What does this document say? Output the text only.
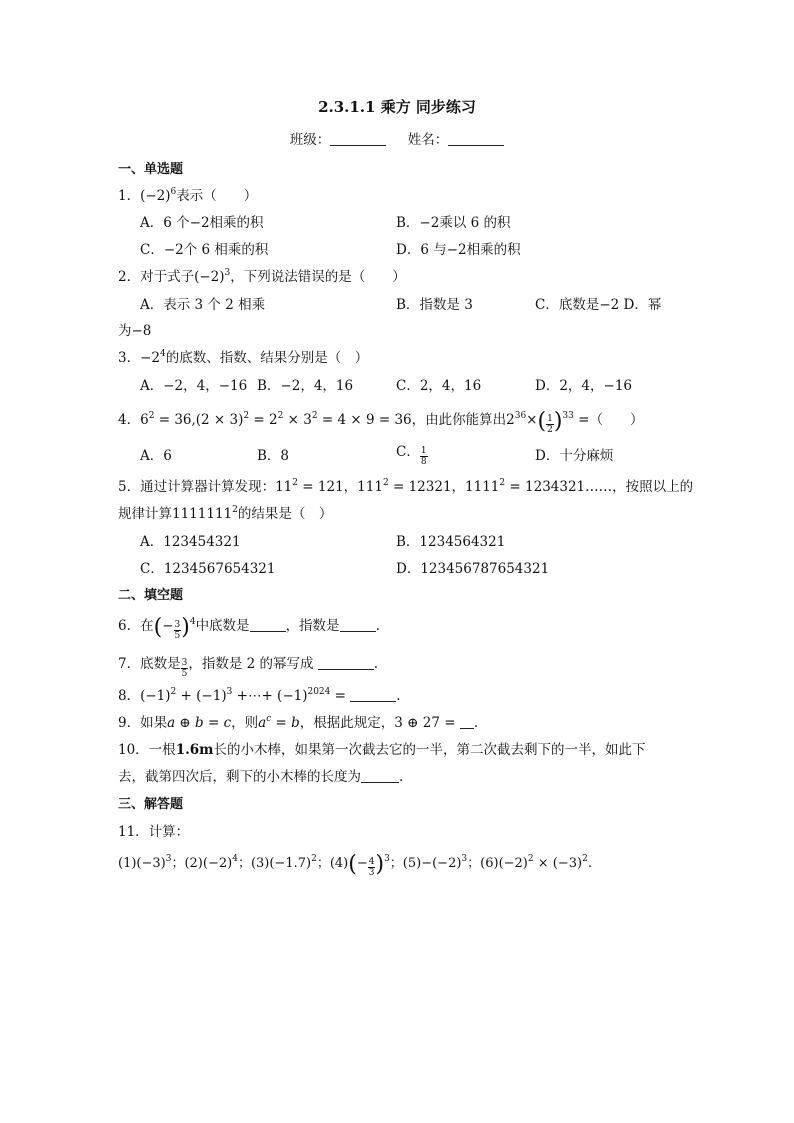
2.3.1.1 乘方 同步练习
班级：	姓名：
一、单选题
1．$(-2)^6$表示（　　）
A．6 个−2相乘的积	B．−2乘以 6 的积
C．−2个 6 相乘的积	D．6 与−2相乘的积
2．对于式子$(-2)^3$，下列说法错误的是（　　）
A．表示 3 个 2 相乘	B．指数是 3	C．底数是−2 D．幂
为−8
3．$-2^4$的底数、指数、结果分别是（　）
A．−2，4，−16 B．−2，4，16	C．2，4，16	D．2，4，−16
4．$6^2 = 36,(2 \times 3)^2 = 2^2 \times 3^2 = 4 \times 9 = 36$，由此你能算出$2^{36}\times( \frac{1}{2} )^{33}$ =（　　）
A．6	B．8	C． $\frac{1}{8}$	D．十分麻烦
5．通过计算器计算发现：$11^2 = 121$，$111^2 = 12321$，$1111^2$ = 1234321……，按照以上的
规律计算1111111$^2$的结果是（　）
A．123454321	B．1234564321
C．1234567654321	D．123456787654321
二、填空题
6．在(− $\frac{3}{5} )^4$中底数是	，指数是	.
7．底数是 $\frac{3}{5}$ ，指数是 2 的幂写成	.
8．$(-1)^2 + (-1)^3$ +⋯+ $(-1)^{2024}$ =	.
9．如果a ⊕ b = c，则$a^c = b$，根据此规定，3 ⊕ 27 = .
10．一根1.6m长的小木棒，如果第一次截去它的一半，第二次截去剩下的一半，如此下
去，截第四次后，剩下的小木棒的长度为	.
三、解答题
11．计算：
$(1)(-3)^3$；$(2)(-2)^4$；$(3)(-1.7)^2$；$(4)(- \frac{4}{3} )^3$；$(5)-(-2)^3$；$(6)(-2)^2 \times (-3)^2$.
